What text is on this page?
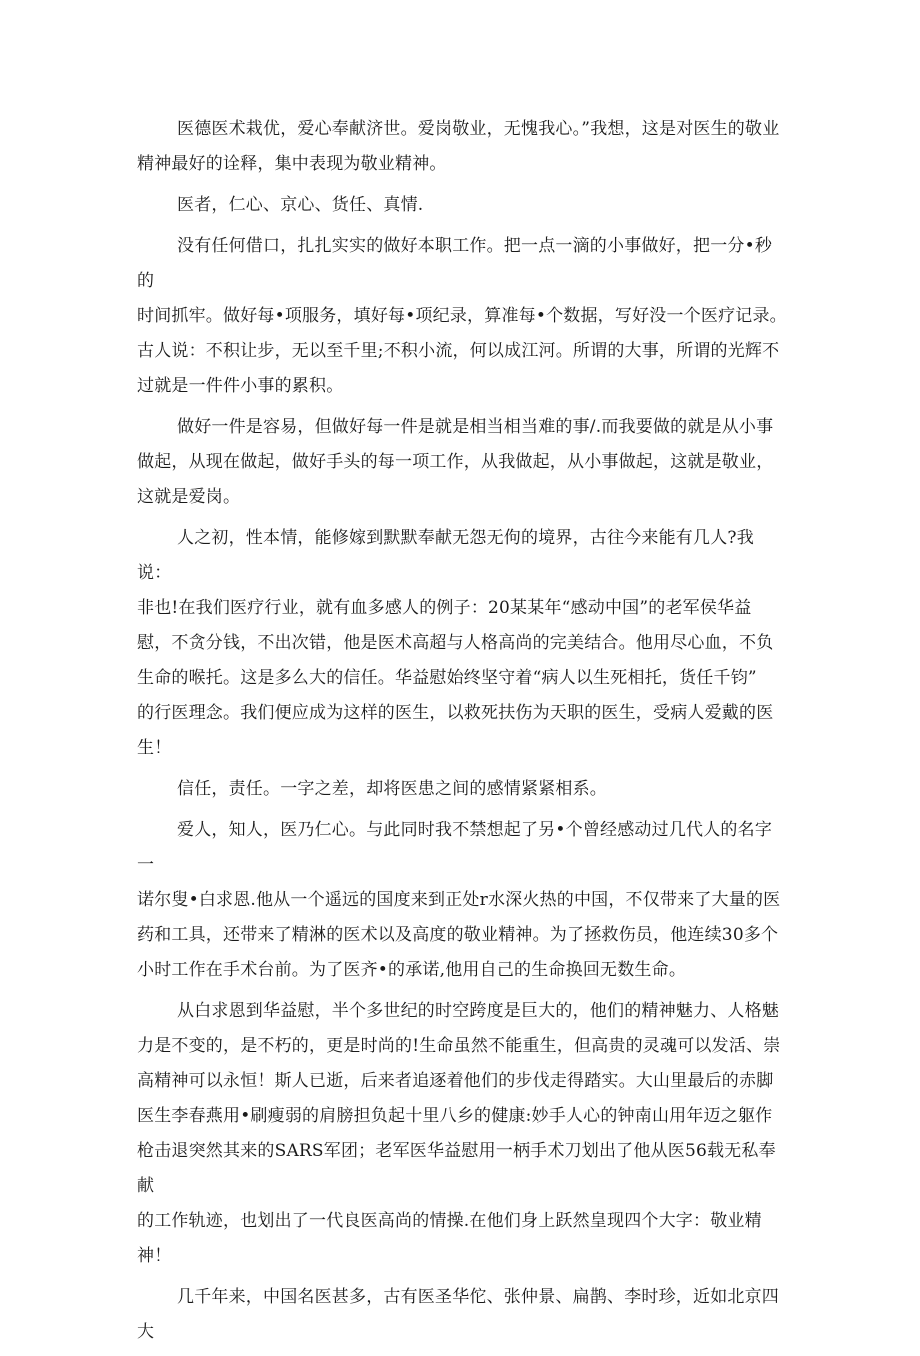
医德医术栽优，爱心奉献济世。爱岗敬业，无愧我心。”我想，这是对医生的敬业
精神最好的诠释，集中表现为敬业精神。

医者，仁心、京心、货任、真情.

没有任何借口，扎扎实实的做好本职工作。把一点一滴的小事做好，把一分•秒的
时间抓牢。做好每•项服务，填好每•项纪录，算准每•个数据，写好没一个医疗记录。
古人说：不积让步，无以至千里;不积小流，何以成江河。所谓的大事，所谓的光辉不
过就是一件件小事的累积。

做好一件是容易，但做好每一件是就是相当相当难的事/.而我要做的就是从小事
做起，从现在做起，做好手头的每一项工作，从我做起，从小事做起，这就是敬业，
这就是爱岗。

人之初，性本情，能修嫁到默默奉献无怨无佝的境界，古往今来能有几人?我说：
非也!在我们医疗行业，就有血多感人的例子：20某某年“感动中国”的老军侯华益
慰，不贪分钱，不出次错，他是医术高超与人格高尚的完美结合。他用尽心血，不负
生命的喉托。这是多么大的信任。华益慰始终坚守着“病人以生死相托，货任千钧”
的行医理念。我们便应成为这样的医生，以救死扶伤为天职的医生，受病人爱戴的医
生！

信任，责任。一字之差，却将医患之间的感情紧紧相系。

爱人，知人，医乃仁心。与此同时我不禁想起了另•个曾经感动过几代人的名字一
诺尔叟•白求恩.他从一个遥远的国度来到正处r水深火热的中国，不仅带来了大量的医
药和工具，还带来了精淋的医术以及高度的敬业精神。为了拯救伤员，他连续30多个
小时工作在手术台前。为了医齐•的承诺,他用自己的生命换回无数生命。

从白求恩到华益慰，半个多世纪的时空跨度是巨大的，他们的精神魅力、人格魅
力是不变的，是不朽的，更是时尚的!生命虽然不能重生，但高贵的灵魂可以发活、崇
高精神可以永恒！斯人已逝，后来者追逐着他们的步伐走得踏实。大山里最后的赤脚
医生李春燕用•刷瘦弱的肩膀担负起十里八乡的健康:妙手人心的钟南山用年迈之躯作
枪击退突然其来的SARS军团；老军医华益慰用一柄手术刀划出了他从医56载无私奉献
的工作轨迹，也划出了一代良医高尚的情操.在他们身上跃然皇现四个大字：敬业精
神！

几千年来，中国名医甚多，古有医圣华佗、张仲景、扁鹊、李时珍，近如北京四大
